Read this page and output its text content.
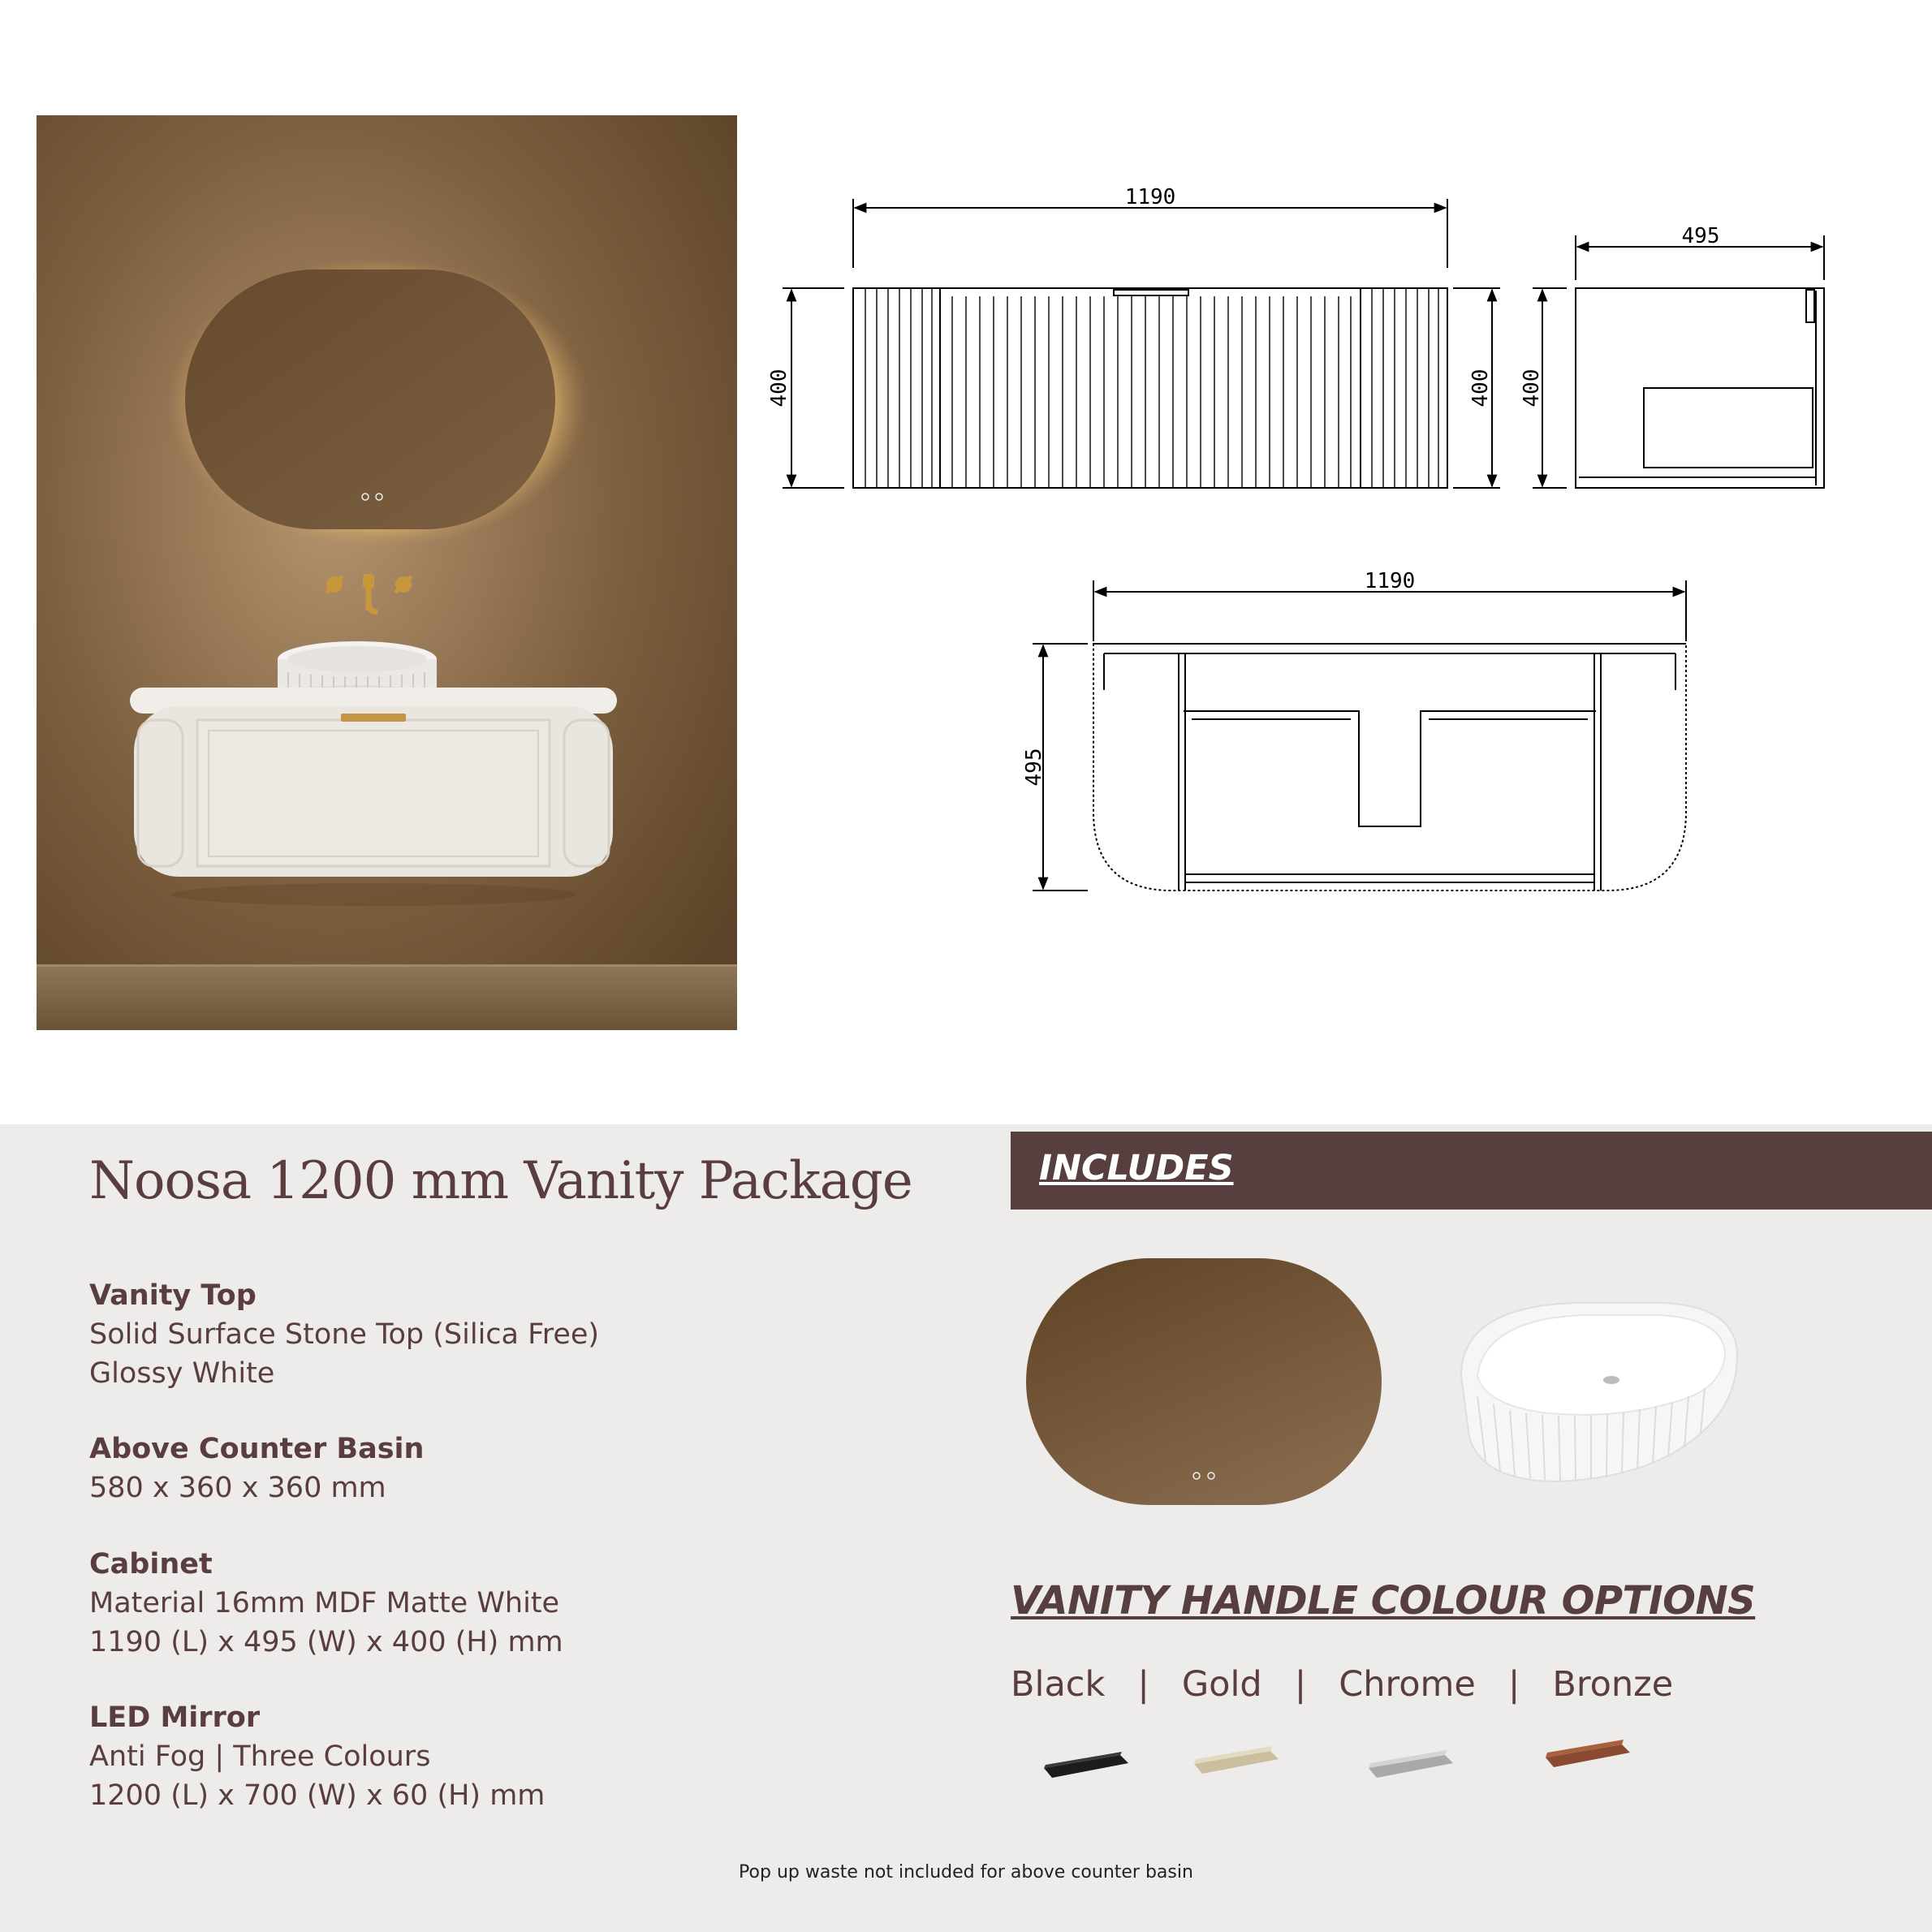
1190
400	400
495
400
1190
495
Noosa 1200 mm Vanity Package
Vanity Top
Solid Surface Stone Top (Silica Free)
Glossy White
Above Counter Basin
580 x 360 x 360 mm
Cabinet
Material 16mm MDF Matte White
1190 (L) x 495 (W) x 400 (H) mm
LED Mirror
Anti Fog | Three Colours
1200 (L) x 700 (W) x 60 (H) mm
INCLUDES
VANITY HANDLE COLOUR OPTIONS
Black | Gold | Chrome | Bronze
Pop up waste not included for above counter basin
